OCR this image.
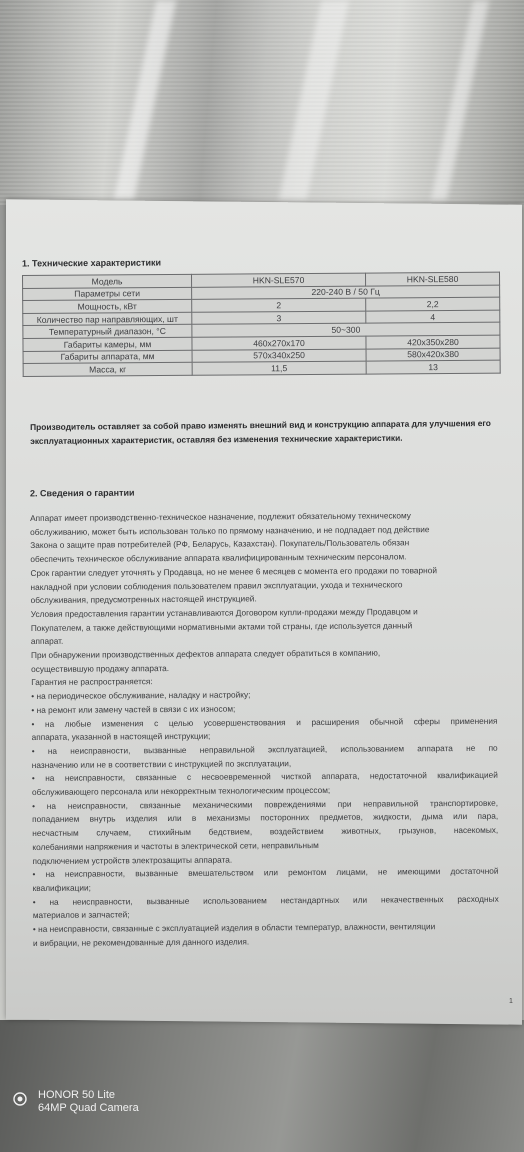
1. Технические характеристики
Модель	HKN-SLE570	HKN-SLE580
Параметры сети	220-240 В / 50 Гц	
Мощность, кВт	2	2,2
Количество пар направляющих, шт	3	4
Температурный диапазон, °С	50~300	
Габариты камеры, мм	460x270x170	420x350x280
Габариты аппарата, мм	570x340x250	580x420x380
Масса, кг	11,5	13
Производитель оставляет за собой право изменять внешний вид и конструкцию аппарата для улучшения его эксплуатационных характеристик, оставляя без изменения технические характеристики.
2. Сведения о гарантии

Аппарат имеет производственно-техническое назначение, подлежит обязательному техническому

обслуживанию, может быть использован только по прямому назначению, и не подпадает под действие

Закона о защите прав потребителей (РФ, Беларусь, Казахстан). Покупатель/Пользователь обязан

обеспечить техническое обслуживание аппарата квалифицированным техническим персоналом.

Срок гарантии следует уточнять у Продавца, но не менее 6 месяцев с момента его продажи по товарной

накладной при условии соблюдения пользователем правил эксплуатации, ухода и технического

обслуживания, предусмотренных настоящей инструкцией.

Условия предоставления гарантии устанавливаются Договором купли-продажи между Продавцом и

Покупателем, а также действующими нормативными актами той страны, где используется данный

аппарат.

При обнаружении производственных дефектов аппарата следует обратиться в компанию,

осуществившую продажу аппарата.

Гарантия не распространяется:

• на периодическое обслуживание, наладку и настройку;

• на ремонт или замену частей в связи с их износом;

• на любые изменения с целью усовершенствования и расширения обычной сферы применения

аппарата, указанной в настоящей инструкции;

• на неисправности, вызванные неправильной эксплуатацией, использованием аппарата не по

назначению или не в соответствии с инструкцией по эксплуатации,

• на неисправности, связанные с несвоевременной чисткой аппарата, недостаточной квалификацией

обслуживающего персонала или некорректным технологическим процессом;

• на неисправности, связанные механическими повреждениями при неправильной транспортировке,

попаданием внутрь изделия или в механизмы посторонних предметов, жидкости, дыма или пара,

несчастным случаем, стихийным бедствием, воздействием животных, грызунов, насекомых,

колебаниями напряжения и частоты в электрической сети, неправильным

подключением устройств электрозащиты аппарата.

• на неисправности, вызванные вмешательством или ремонтом лицами, не имеющими достаточной

квалификации;

• на неисправности, вызванные использованием нестандартных или некачественных расходных

материалов и запчастей;

• на неисправности, связанные с эксплуатацией изделия в области температур, влажности, вентиляции

и вибрации, не рекомендованные для данного изделия.

1
HONOR 50 Lite
64MP Quad Camera
